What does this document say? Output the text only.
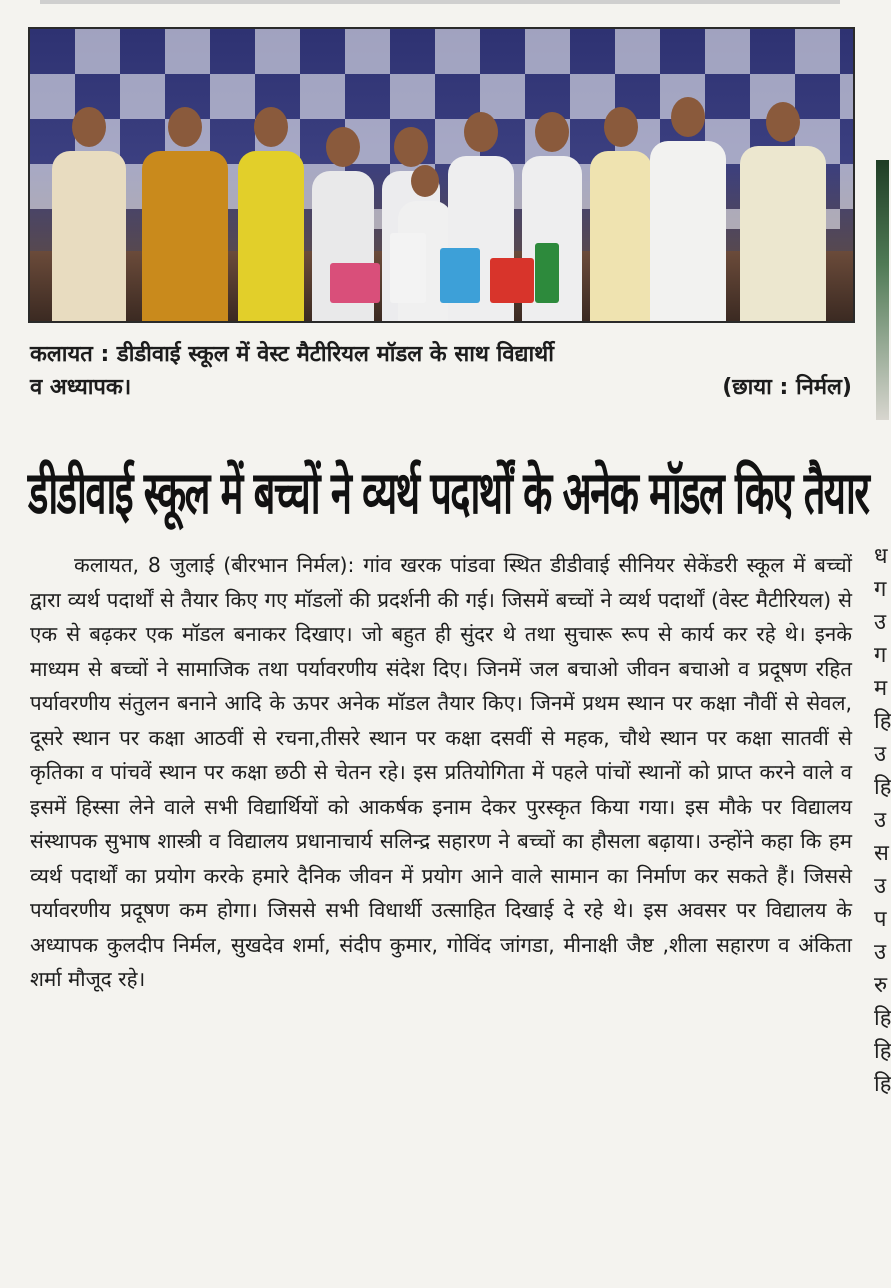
कलायत : डीडीवाई स्कूल में वेस्ट मैटीरियल मॉडल के साथ विद्यार्थी
व अध्यापक।	(छाया : निर्मल)
डीडीवाई स्कूल में बच्चों ने व्यर्थ पदार्थों के अनेक मॉडल किए तैयार

कलायत, 8 जुलाई (बीरभान निर्मल): गांव खरक पांडवा स्थित डीडीवाई सीनियर सेकेंडरी स्कूल में बच्चों द्वारा व्यर्थ पदार्थों से तैयार किए गए मॉडलों की प्रदर्शनी की गई। जिसमें बच्चों ने व्यर्थ पदार्थों (वेस्ट मैटीरियल) से एक से बढ़कर एक मॉडल बनाकर दिखाए। जो बहुत ही सुंदर थे तथा सुचारू रूप से कार्य कर रहे थे। इनके माध्यम से बच्चों ने सामाजिक तथा पर्यावरणीय संदेश दिए। जिनमें जल बचाओ जीवन बचाओ व प्रदूषण रहित पर्यावरणीय संतुलन बनाने आदि के ऊपर अनेक मॉडल तैयार किए। जिनमें प्रथम स्थान पर कक्षा नौवीं से सेवल, दूसरे स्थान पर कक्षा आठवीं से रचना,तीसरे स्थान पर कक्षा दसवीं से महक, चौथे स्थान पर कक्षा सातवीं से कृतिका व पांचवें स्थान पर कक्षा छठी से चेतन रहे। इस प्रतियोगिता में पहले पांचों स्थानों को प्राप्त करने वाले व इसमें हिस्सा लेने वाले सभी विद्यार्थियों को आकर्षक इनाम देकर पुरस्कृत किया गया। इस मौके पर विद्यालय संस्थापक सुभाष शास्त्री व विद्यालय प्रधानाचार्य सलिन्द्र सहारण ने बच्चों का हौसला बढ़ाया। उन्होंने कहा कि हम व्यर्थ पदार्थों का प्रयोग करके हमारे दैनिक जीवन में प्रयोग आने वाले सामान का निर्माण कर सकते हैं। जिससे पर्यावरणीय प्रदूषण कम होगा। जिससे सभी विधार्थी उत्साहित दिखाई दे रहे थे। इस अवसर पर विद्यालय के अध्यापक कुलदीप निर्मल, सुखदेव शर्मा, संदीप कुमार, गोविंद जांगडा, मीनाक्षी जैष्ट ,शीला सहारण व अंकिता शर्मा मौजूद रहे।

ध
ग
उ
ग
म
हि
उ
हि
उ
स
उ
प
उ
रु
हि
हि
हि
